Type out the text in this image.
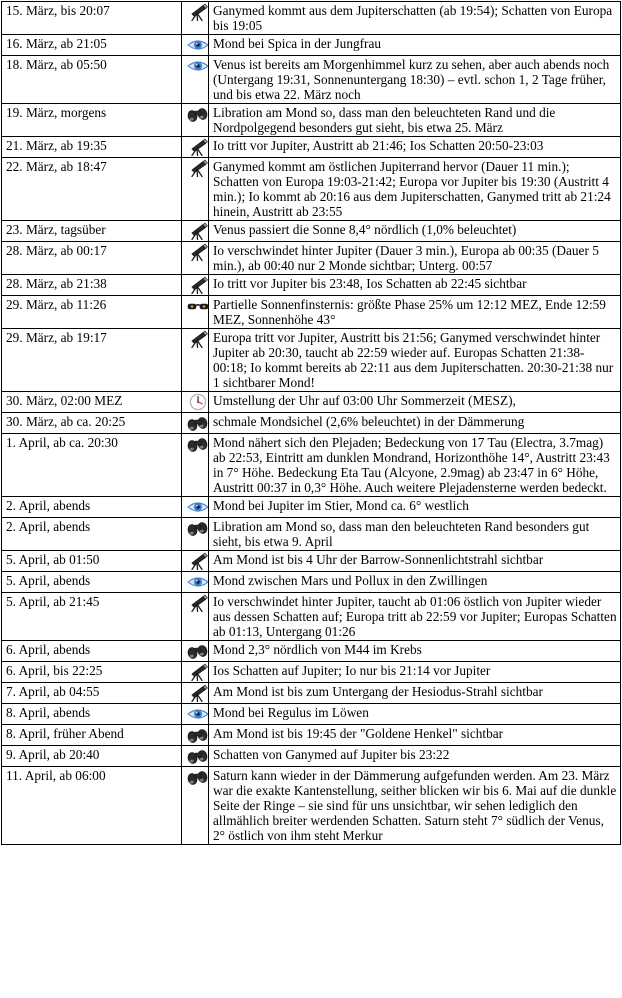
15. März, bis 20:07		Ganymed kommt aus dem Jupiterschatten (ab 19:54); Schatten von Europa bis 19:05
16. März, ab 21:05		Mond bei Spica in der Jungfrau
18. März, ab 05:50		Venus ist bereits am Morgenhimmel kurz zu sehen, aber auch abends noch (Untergang 19:31, Sonnenuntergang 18:30) – evtl. schon 1, 2 Tage früher, und bis etwa 22. März noch
19. März, morgens		Libration am Mond so, dass man den beleuchteten Rand und die Nordpolgegend besonders gut sieht, bis etwa 25. März
21. März, ab 19:35		Io tritt vor Jupiter, Austritt ab 21:46; Ios Schatten 20:50-23:03
22. März, ab 18:47		Ganymed kommt am östlichen Jupiterrand hervor (Dauer 11 min.); Schatten von Europa 19:03-21:42; Europa vor Jupiter bis 19:30 (Austritt 4 min.); Io kommt ab 20:16 aus dem Jupiterschatten, Ganymed tritt ab 21:24 hinein, Austritt ab 23:55
23. März, tagsüber		Venus passiert die Sonne 8,4° nördlich (1,0% beleuchtet)
28. März, ab 00:17		Io verschwindet hinter Jupiter (Dauer 3 min.), Europa ab 00:35 (Dauer 5 min.), ab 00:40 nur 2 Monde sichtbar; Unterg. 00:57
28. März, ab 21:38		Io tritt vor Jupiter bis 23:48, Ios Schatten ab 22:45 sichtbar
29. März, ab 11:26		Partielle Sonnenfinsternis: größte Phase 25% um 12:12 MEZ, Ende 12:59 MEZ, Sonnenhöhe 43°
29. März, ab 19:17		Europa tritt vor Jupiter, Austritt bis 21:56; Ganymed verschwindet hinter Jupiter ab 20:30, taucht ab 22:59 wieder auf. Europas Schatten 21:38-00:18; Io kommt bereits ab 22:11 aus dem Jupiterschatten. 20:30-21:38 nur 1 sichtbarer Mond!
30. März, 02:00 MEZ		Umstellung der Uhr auf 03:00 Uhr Sommerzeit (MESZ),
30. März, ab ca. 20:25		schmale Mondsichel (2,6% beleuchtet) in der Dämmerung
1. April, ab ca. 20:30		Mond nähert sich den Plejaden; Bedeckung von 17 Tau (Electra, 3.7mag) ab 22:53, Eintritt am dunklen Mondrand, Horizonthöhe 14°, Austritt 23:43 in 7° Höhe. Bedeckung Eta Tau (Alcyone, 2.9mag) ab 23:47 in 6° Höhe, Austritt 00:37 in 0,3° Höhe. Auch weitere Plejadensterne werden bedeckt.
2. April, abends		Mond bei Jupiter im Stier, Mond ca. 6° westlich
2. April, abends		Libration am Mond so, dass man den beleuchteten Rand besonders gut sieht, bis etwa 9. April
5. April, ab 01:50		Am Mond ist bis 4 Uhr der Barrow-Sonnenlichtstrahl sichtbar
5. April, abends		Mond zwischen Mars und Pollux in den Zwillingen
5. April, ab 21:45		Io verschwindet hinter Jupiter, taucht ab 01:06 östlich von Jupiter wieder aus dessen Schatten auf; Europa tritt ab 22:59 vor Jupiter; Europas Schatten ab 01:13, Untergang 01:26
6. April, abends		Mond 2,3° nördlich von M44 im Krebs
6. April, bis 22:25		Ios Schatten auf Jupiter; Io nur bis 21:14 vor Jupiter
7. April, ab 04:55		Am Mond ist bis zum Untergang der Hesiodus-Strahl sichtbar
8. April, abends		Mond bei Regulus im Löwen
8. April, früher Abend		Am Mond ist bis 19:45 der "Goldene Henkel" sichtbar
9. April, ab 20:40		Schatten von Ganymed auf Jupiter bis 23:22
11. April, ab 06:00		Saturn kann wieder in der Dämmerung aufgefunden werden. Am 23. März war die exakte Kantenstellung, seither blicken wir bis 6. Mai auf die dunkle Seite der Ringe – sie sind für uns unsichtbar, wir sehen lediglich den allmählich breiter werdenden Schatten. Saturn steht 7° südlich der Venus, 2° östlich von ihm steht Merkur
